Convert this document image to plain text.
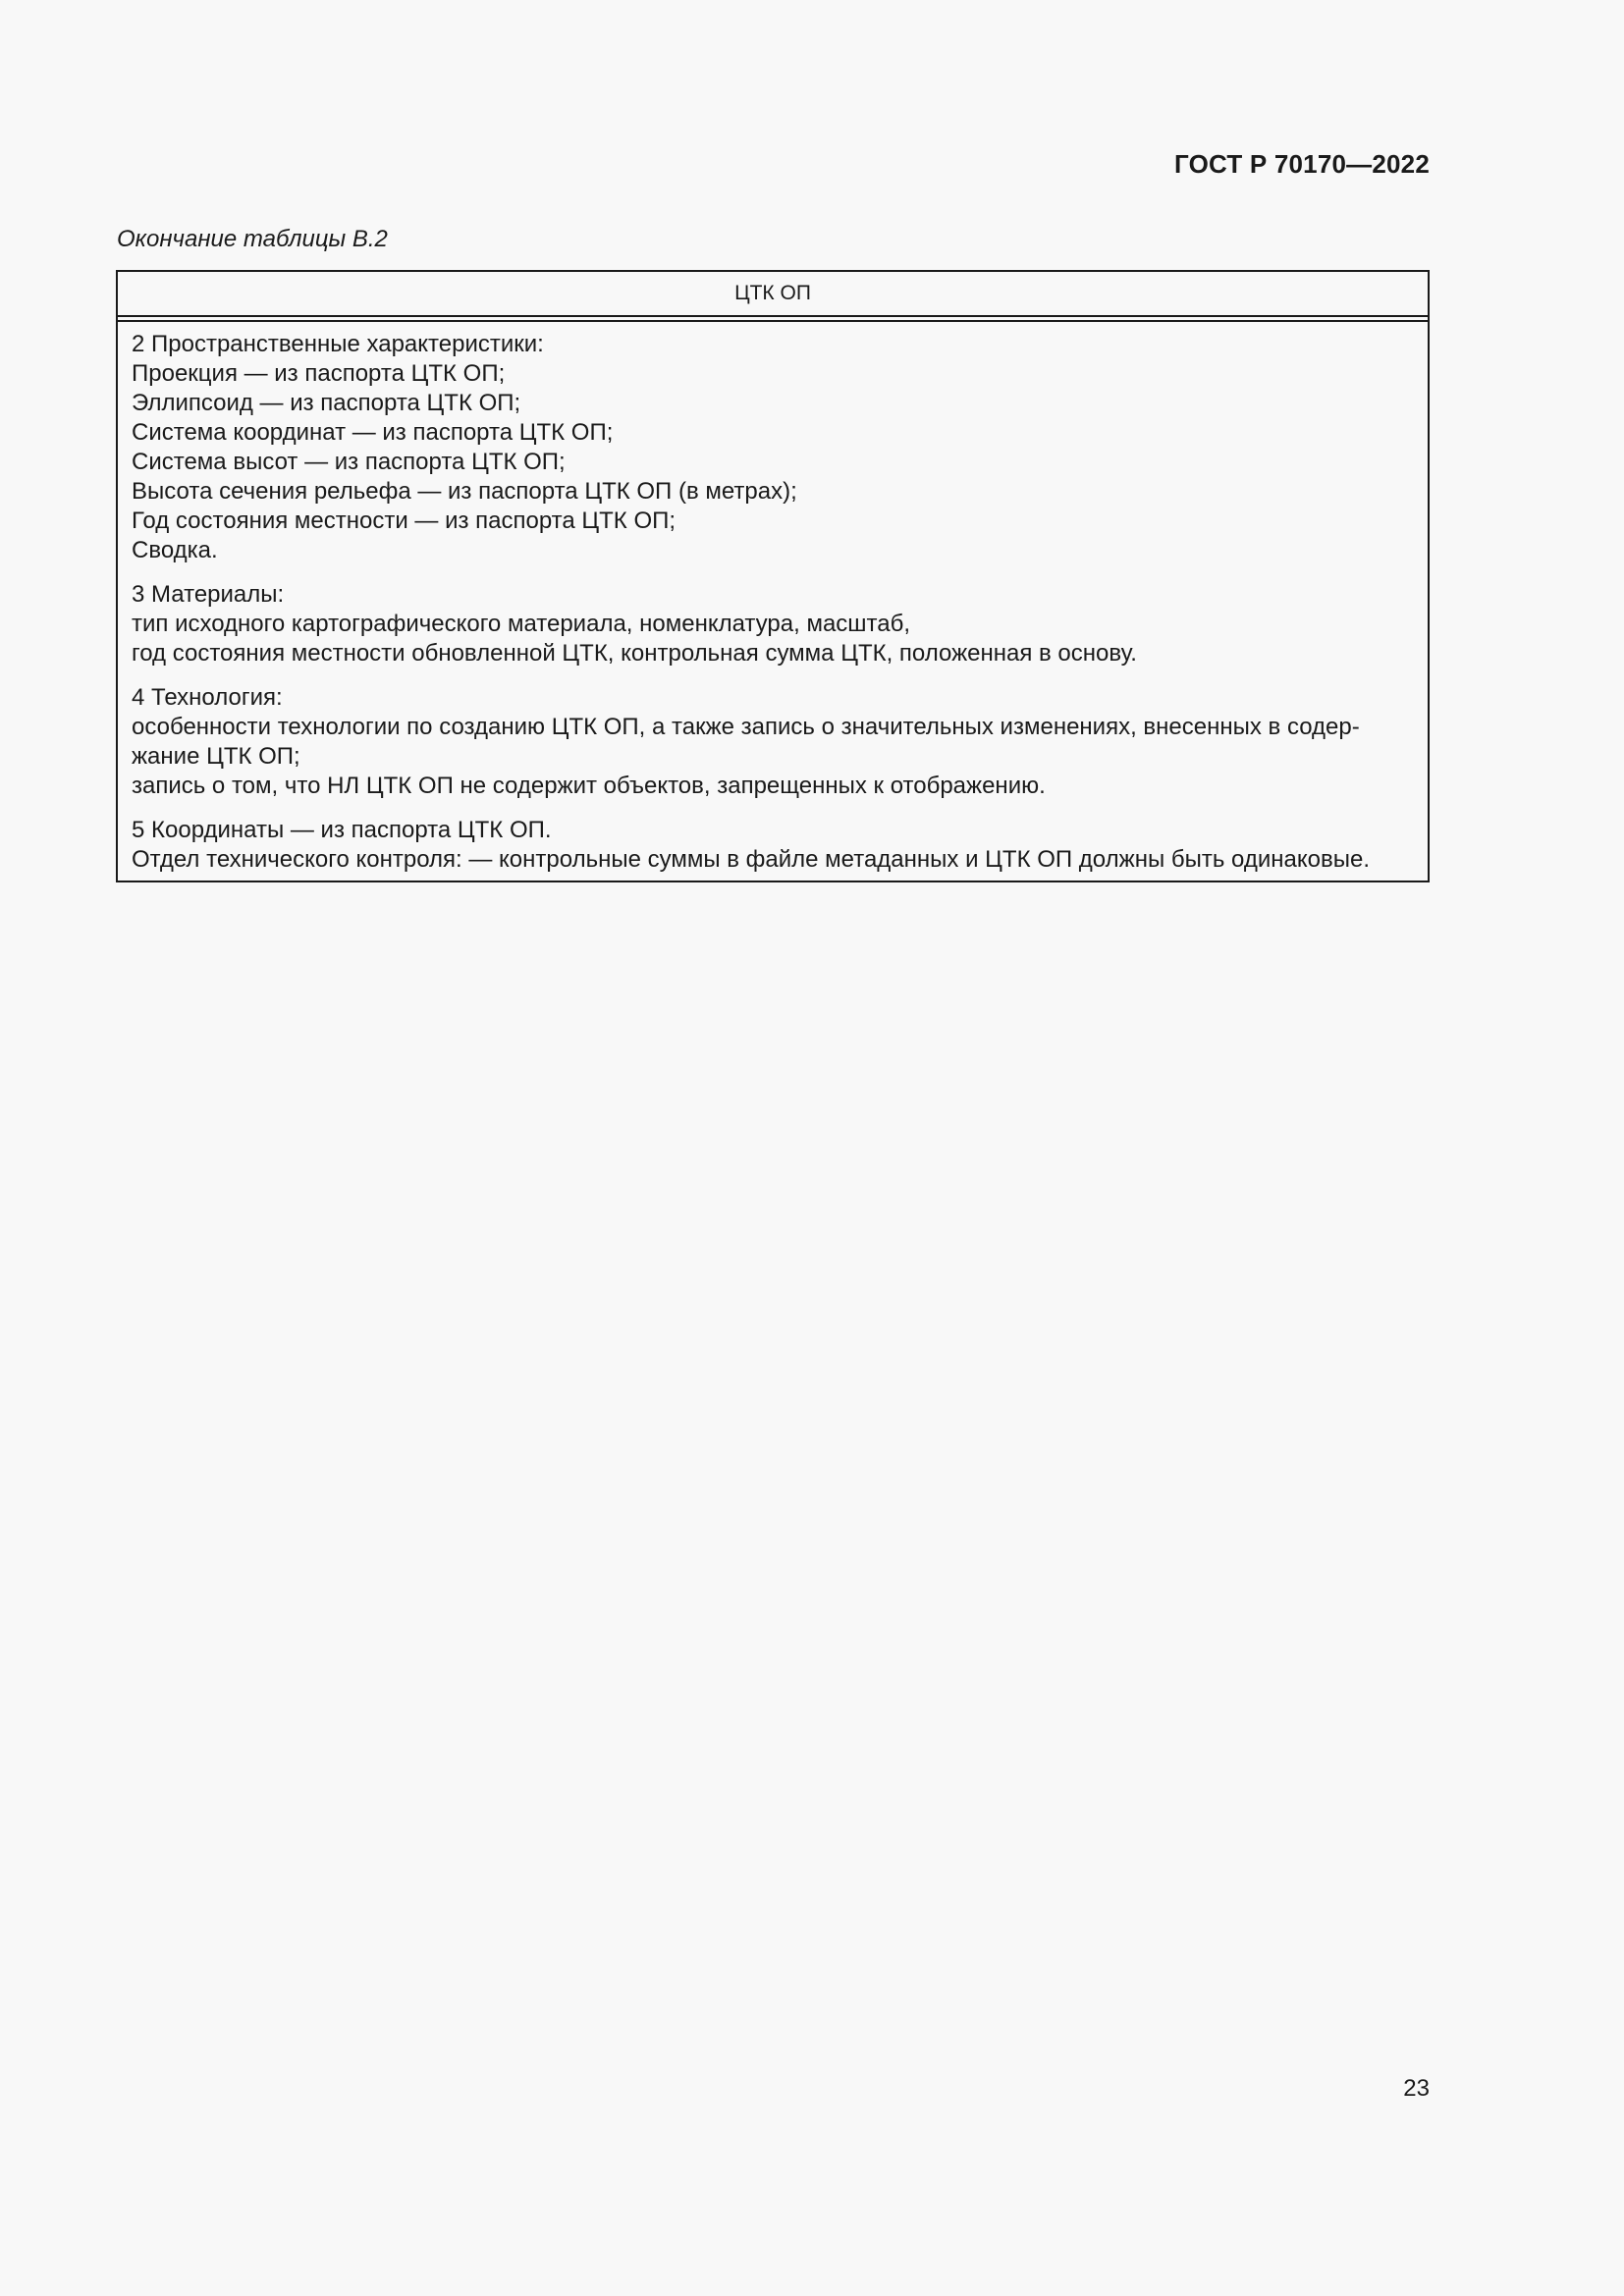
ГОСТ Р 70170—2022
Окончание таблицы В.2
ЦТК ОП
2 Пространственные характеристики:
Проекция — из паспорта ЦТК ОП;
Эллипсоид — из паспорта ЦТК ОП;
Система координат — из паспорта ЦТК ОП;
Система высот — из паспорта ЦТК ОП;
Высота сечения рельефа — из паспорта ЦТК ОП (в метрах);
Год состояния местности — из паспорта ЦТК ОП;
Сводка.
3 Материалы:
тип исходного картографического материала, номенклатура, масштаб,
год состояния местности обновленной ЦТК, контрольная сумма ЦТК, положенная в основу.
4 Технология:
особенности технологии по созданию ЦТК ОП, а также запись о значительных изменениях, внесенных в содер-
жание ЦТК ОП;
запись о том, что НЛ ЦТК ОП не содержит объектов, запрещенных к отображению.
5 Координаты — из паспорта ЦТК ОП.
Отдел технического контроля: — контрольные суммы в файле метаданных и ЦТК ОП должны быть одинаковые.
23
